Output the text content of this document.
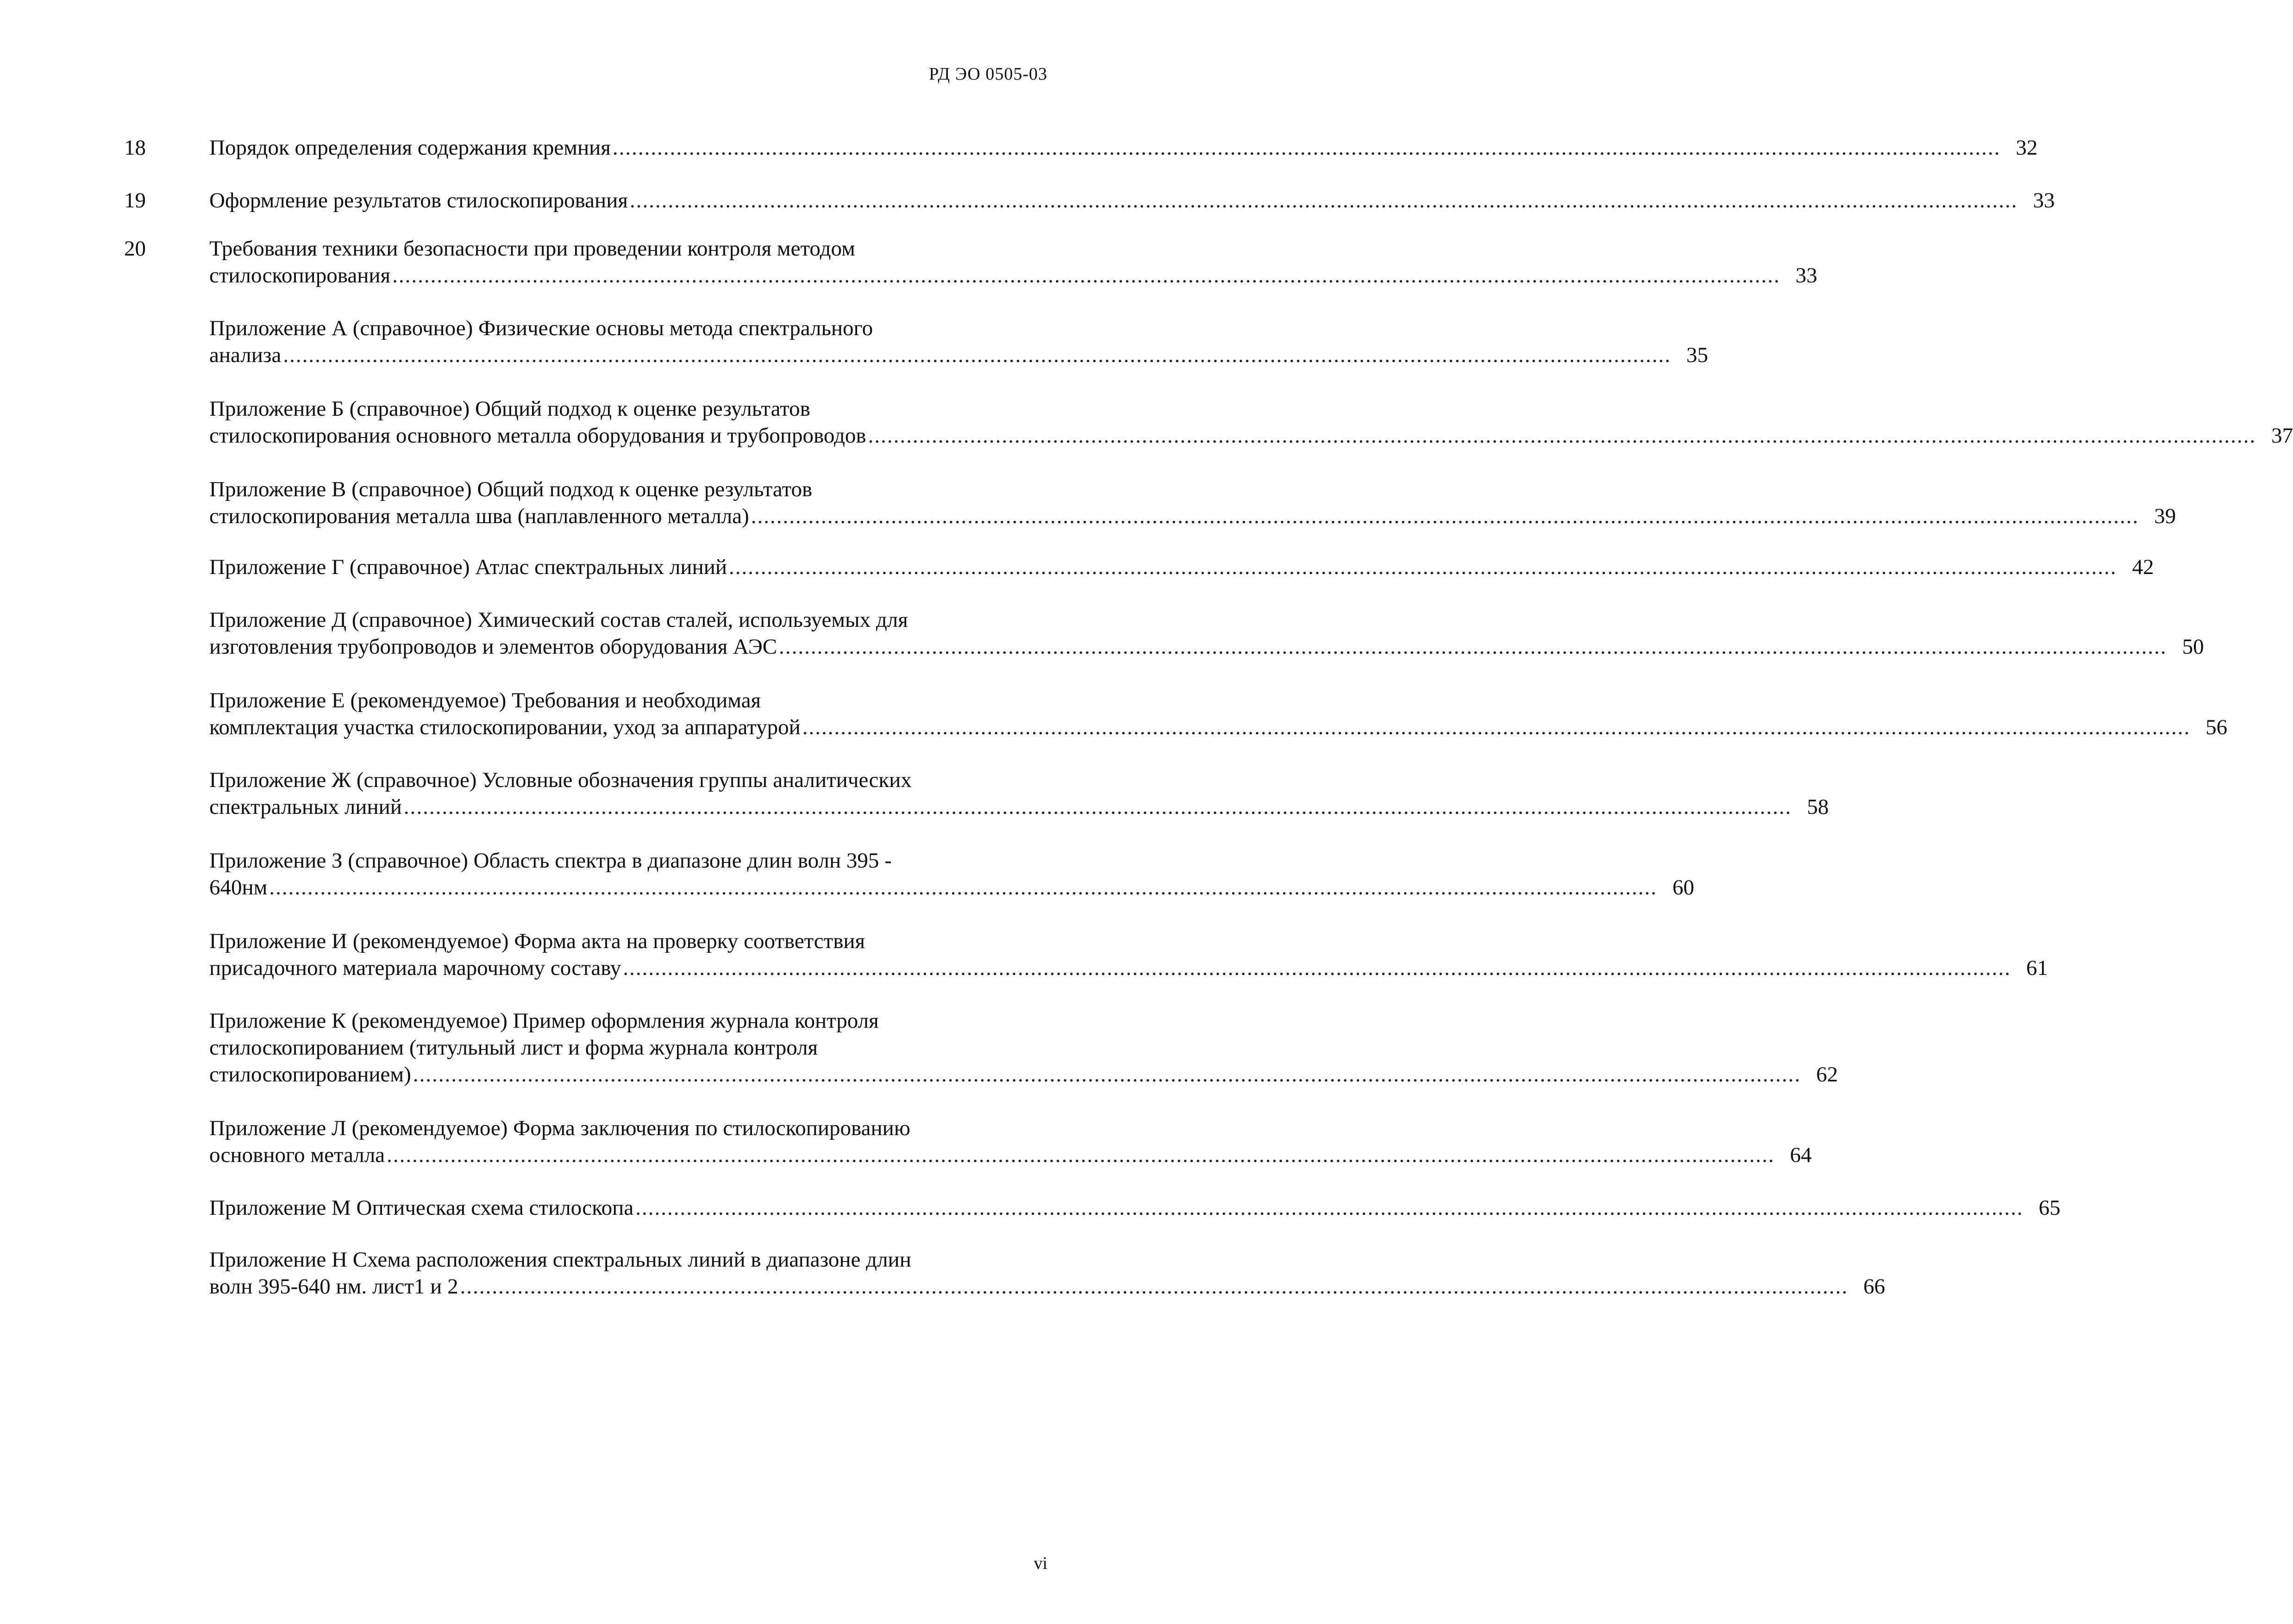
РД ЭО 0505-03
18	Порядок определения содержания кремния .......................................................................................................................................................................................................................... 32
19	Оформление результатов стилоскопирования .......................................................................................................................................................................................................................... 33
20	Требования техники безопасности при проведении контроля методом
стилоскопирования .......................................................................................................................................................................................................................... 33
Приложение А (справочное) Физические основы метода спектрального
анализа .......................................................................................................................................................................................................................... 35
Приложение Б (справочное) Общий подход к оценке результатов
стилоскопирования основного металла оборудования и трубопроводов .......................................................................................................................................................................................................................... 37
Приложение В (справочное) Общий подход к оценке результатов
стилоскопирования металла шва (наплавленного металла) .......................................................................................................................................................................................................................... 39
Приложение Г (справочное) Атлас спектральных линий .......................................................................................................................................................................................................................... 42
Приложение Д (справочное) Химический состав сталей, используемых для
изготовления трубопроводов и элементов оборудования АЭС .......................................................................................................................................................................................................................... 50
Приложение Е (рекомендуемое) Требования и необходимая
комплектация участка стилоскопировании, уход за аппаратурой .......................................................................................................................................................................................................................... 56
Приложение Ж (справочное) Условные обозначения группы аналитических
спектральных линий .......................................................................................................................................................................................................................... 58
Приложение З (справочное) Область спектра в диапазоне длин волн 395 -
640нм .......................................................................................................................................................................................................................... 60
Приложение И (рекомендуемое) Форма акта на проверку соответствия
присадочного материала марочному составу .......................................................................................................................................................................................................................... 61
Приложение К (рекомендуемое) Пример оформления журнала контроля
стилоскопированием (титульный лист и форма журнала контроля
стилоскопированием) .......................................................................................................................................................................................................................... 62
Приложение Л (рекомендуемое) Форма заключения по стилоскопированию
основного металла .......................................................................................................................................................................................................................... 64
Приложение М Оптическая схема стилоскопа .......................................................................................................................................................................................................................... 65
Приложение Н Схема расположения спектральных линий в диапазоне длин
волн 395-640 нм. лист1 и 2 .......................................................................................................................................................................................................................... 66
vi
